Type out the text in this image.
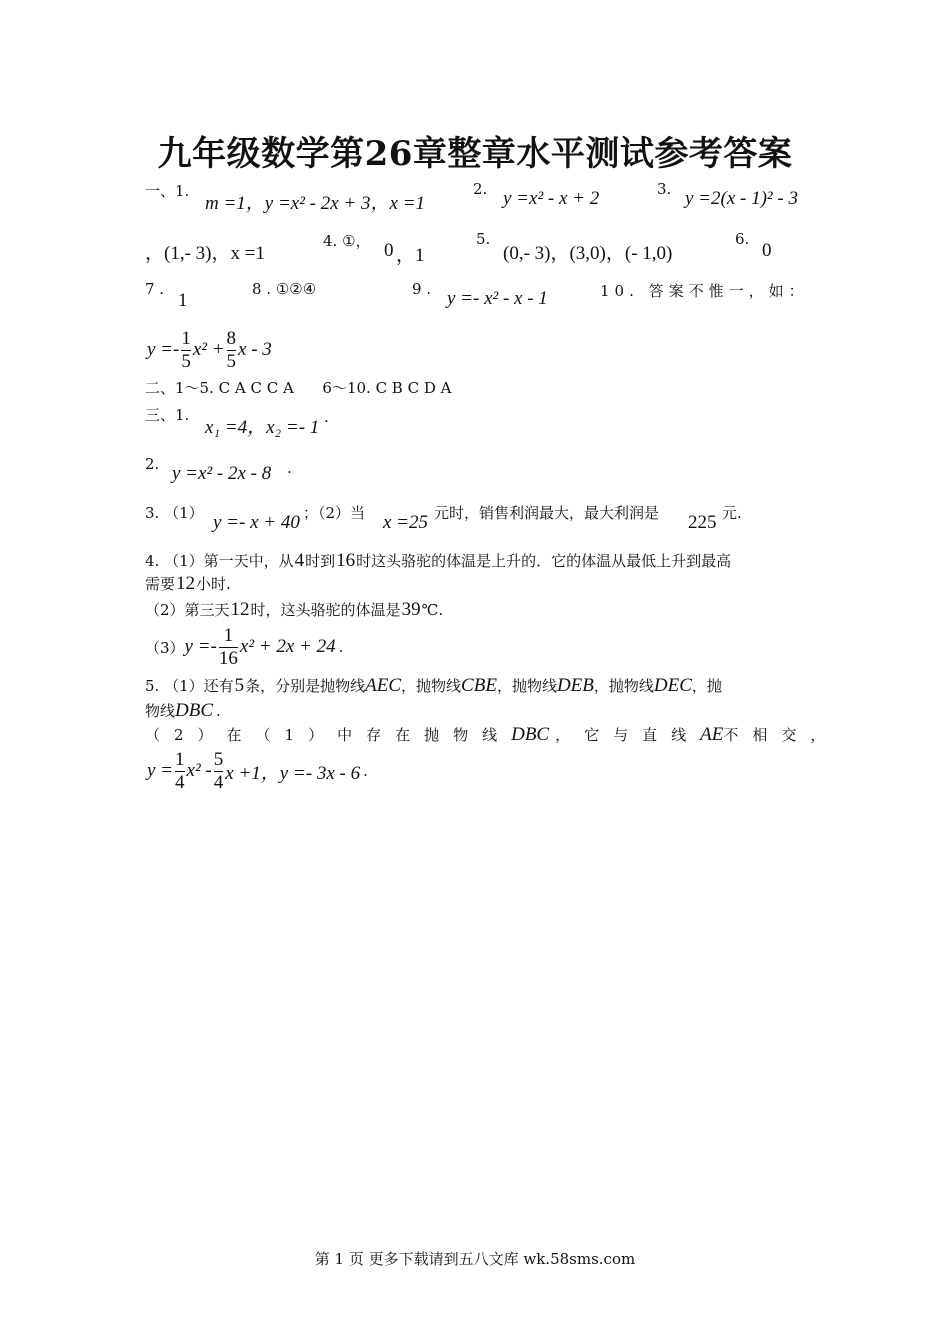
九年级数学第26章整章水平测试参考答案
一、1.
m =1，y =x² - 2x + 3，x =1
2. y =x² - x + 2	3. y =2(x - 1)² - 3
，(1,- 3)，x =1
4. ①， 0 ，1
5.
(0,- 3)，(3,0)，(- 1,0)
6.
0
7 .
1
8 . ①②④	9 . y =- x² - x - 1	10. 答案不惟一，如：
$y =- \frac{1}{5} x^2 + \frac{8}{5}$ x - 3
二、1～5. C A C C A      6～10. C B C D A
三、1.
x₁ =4，x₂ =- 1 .
2. y =x² - 2x - 8 .
3. （1） y =- x + 40 ；（2）当 x =25 元时，销售利润最大，最大利润是 225 元.
4. （1）第一天中，从 4 时到 16 时这头骆驼的体温是上升的．它的体温从最低上升到最高
需要 12 小时.
（2）第三天 12 时，这头骆驼的体温是 39 ℃.
（3） $y =- \frac{1}{16} x^2 + 2x + 24$ .
5. （1）还有 5 条，分别是抛物线 AEC ，抛物线 CBE ，抛物线 DEB ，抛物线 DEC ，抛
物线 DBC .
（2）在（1）中存在抛物线 DBC ，它与直线 AE 不相交，
$y = \frac{1}{4} x^2 - \frac{5}{4}$ x +1，y =- 3x - 6 .
第 1 页 更多下载请到五八文库 wk.58sms.com
